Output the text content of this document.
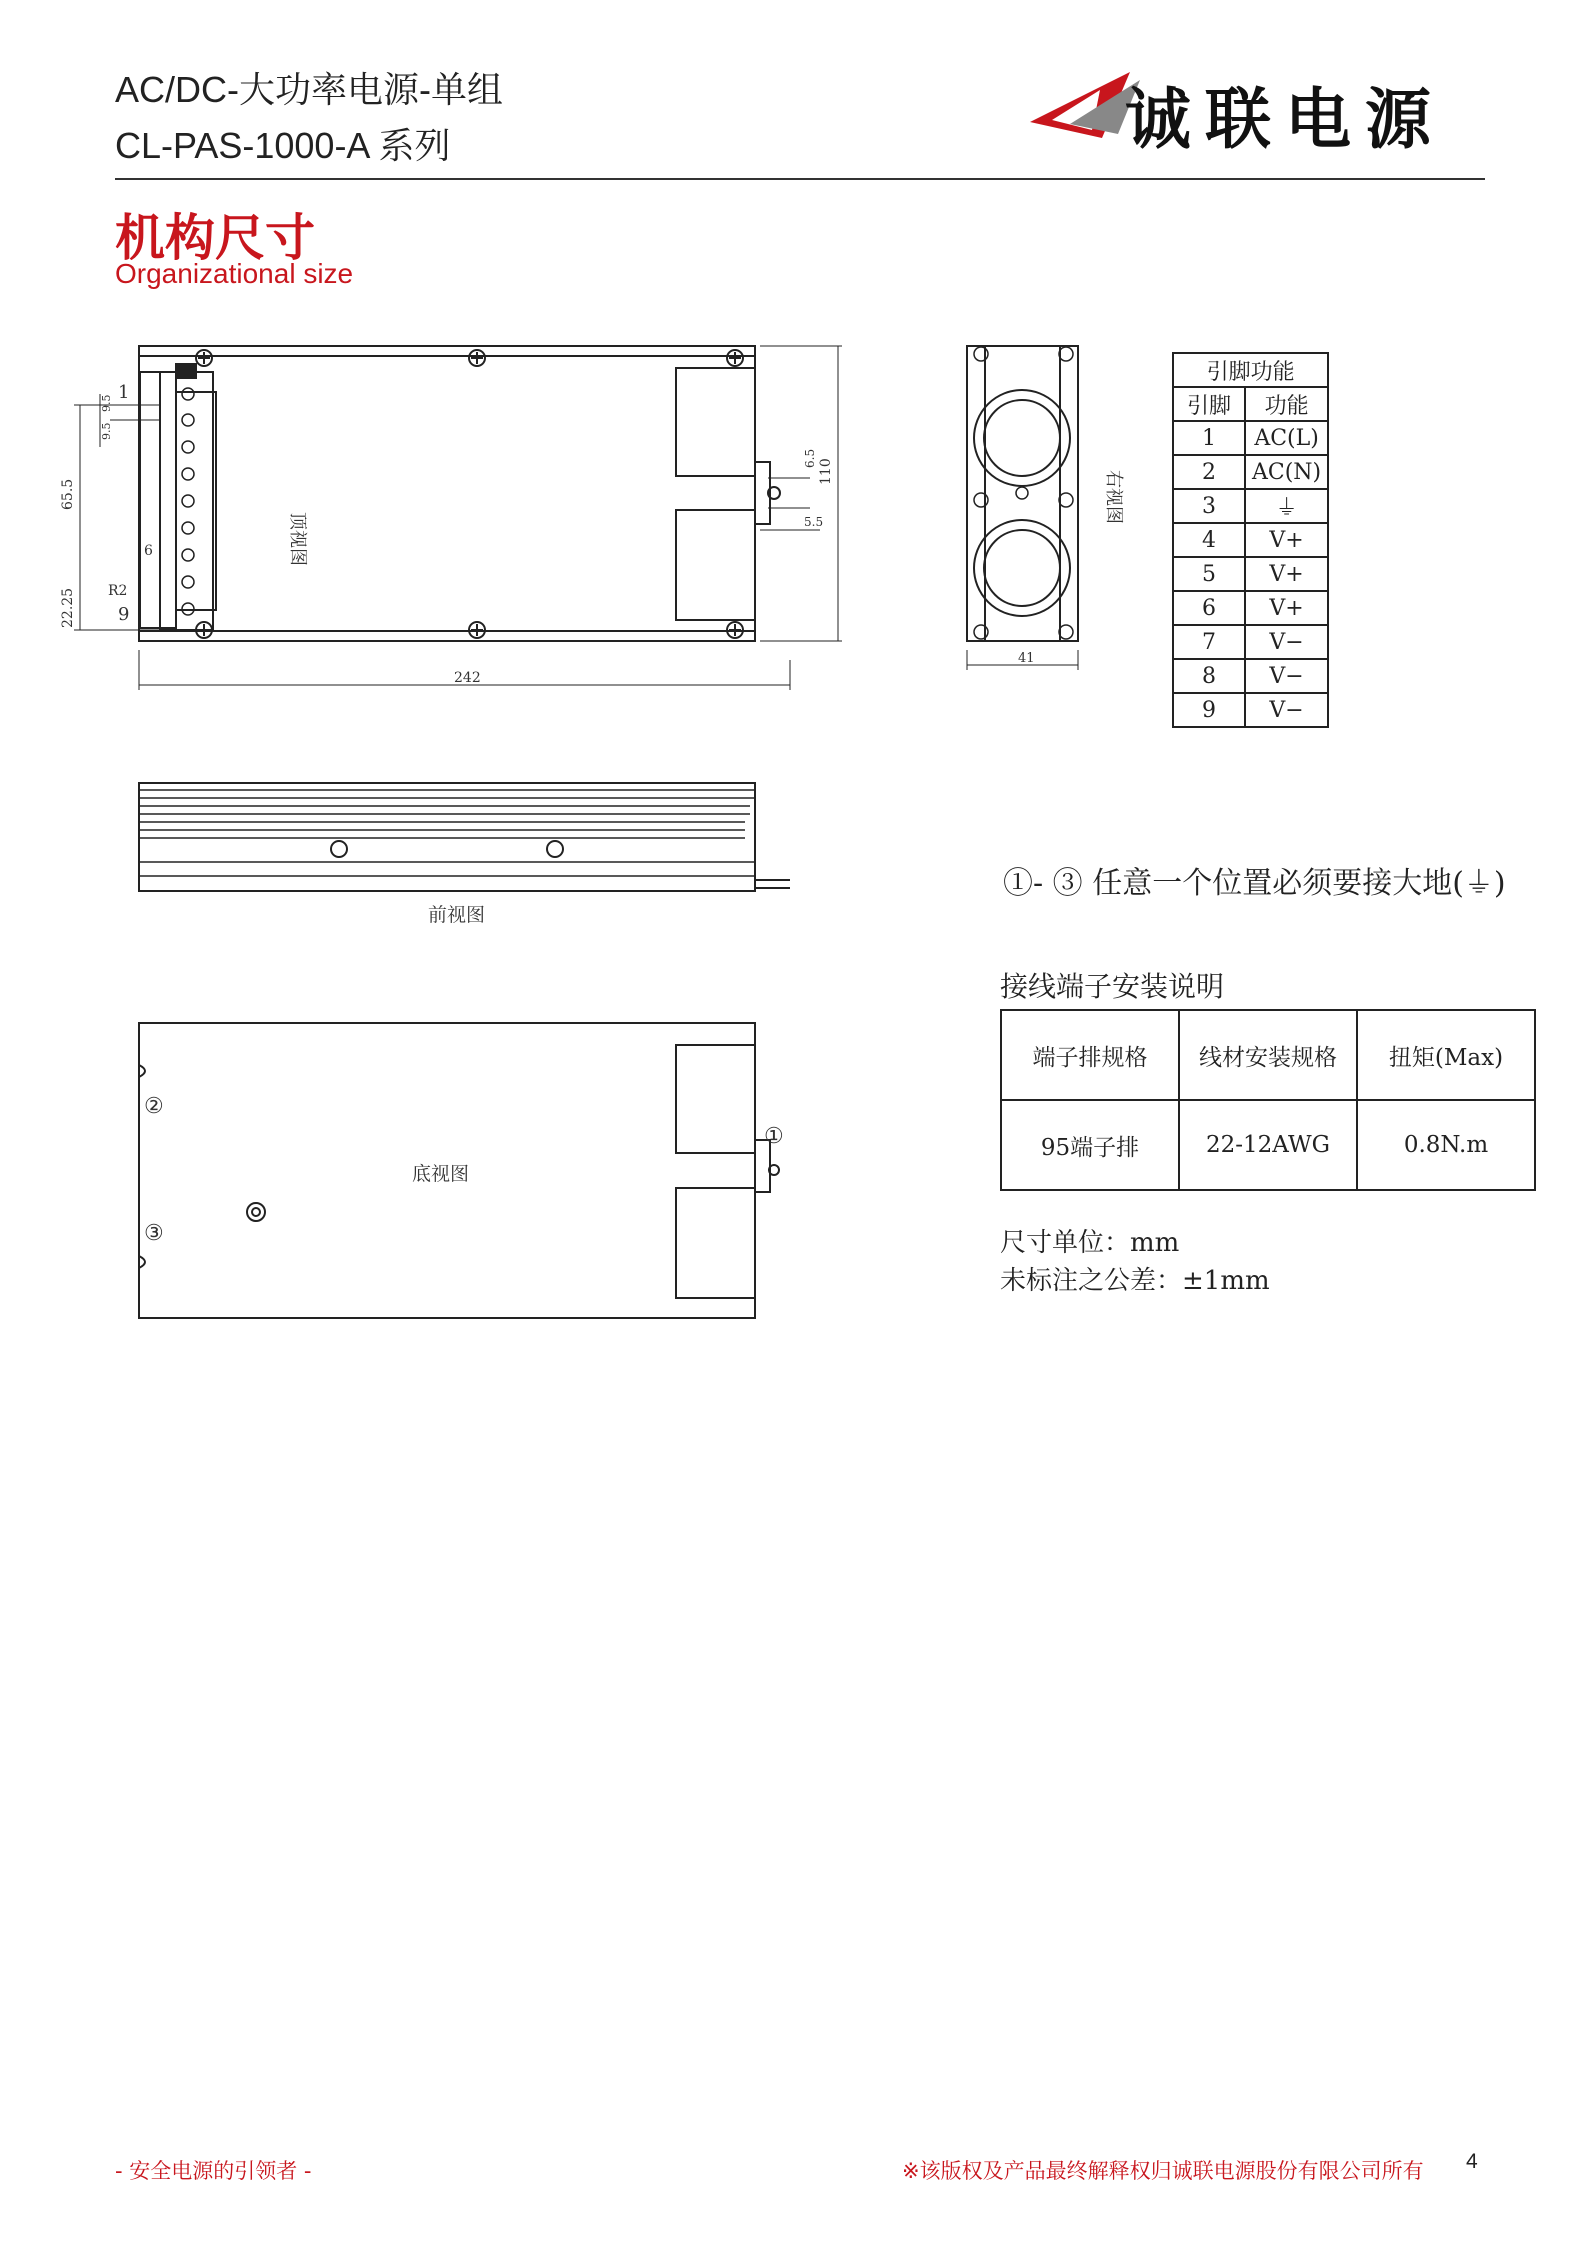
AC/DC-大功率电源-单组
CL-PAS-1000-A 系列	诚联电源
机构尺寸
Organizational size
顶视图
右视图
前视图
底视图
65.5
22.25
9.5
9.5
6
R2
1
9
242
110
6.5
5.5
41
①
②
③
引脚功能	
引脚	功能
1	AC(L)
2	AC(N)
3	⏚
4	V+
5	V+
6	V+
7	V−
8	V−
9	V−
①- ③ 任意一个位置必须要接大地(⏚)
接线端子安装说明
端子排规格	线材安装规格	扭矩(Max)
95端子排	22-12AWG	0.8N.m
尺寸单位：mm
未标注之公差：±1mm
- 安全电源的引领者 -	※该版权及产品最终解释权归诚联电源股份有限公司所有 4
